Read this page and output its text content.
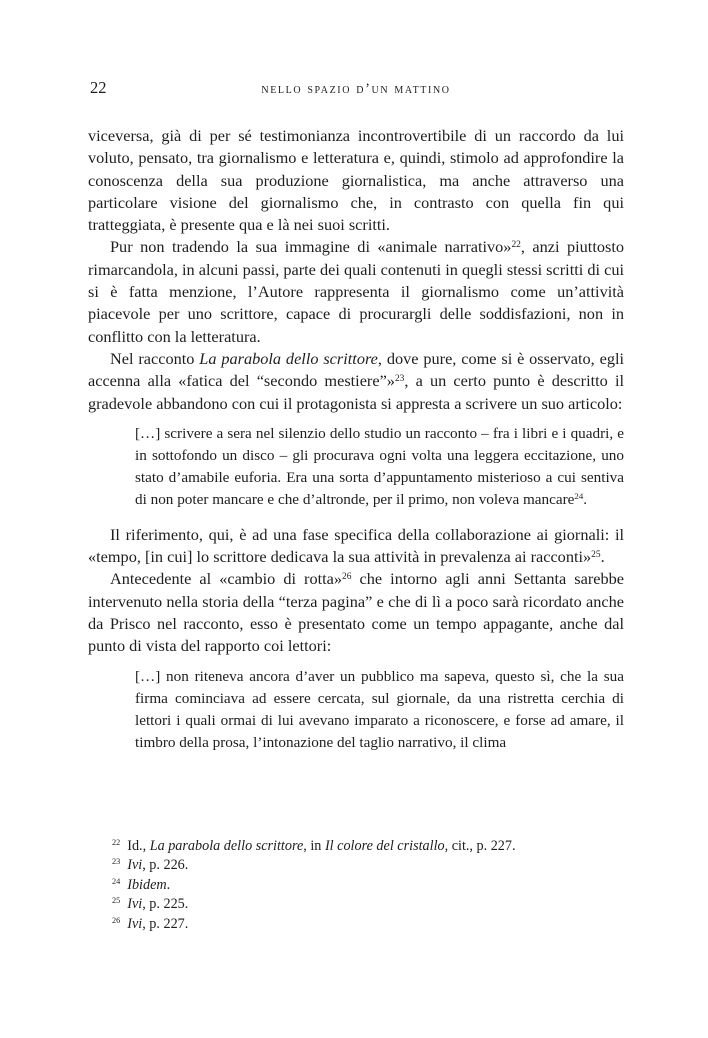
22	nello spazio d’un mattino

viceversa, già di per sé testimonianza incontrovertibile di un raccordo da lui voluto, pensato, tra giornalismo e letteratura e, quindi, stimolo ad approfondire la conoscenza della sua produzione giornalistica, ma anche attraverso una particolare visione del giornalismo che, in contrasto con quella fin qui tratteggiata, è presente qua e là nei suoi scritti.

Pur non tradendo la sua immagine di «animale narrativo»$^{22}$, anzi piuttosto rimarcandola, in alcuni passi, parte dei quali contenuti in quegli stessi scritti di cui si è fatta menzione, l’Autore rappresenta il giornalismo come un’attività piacevole per uno scrittore, capace di procurargli delle soddisfazioni, non in conflitto con la letteratura.

Nel racconto La parabola dello scrittore, dove pure, come si è osservato, egli accenna alla «fatica del “secondo mestiere”»$^{23}$, a un certo punto è descritto il gradevole abbandono con cui il protagonista si appresta a scrivere un suo articolo:

[…] scrivere a sera nel silenzio dello studio un racconto – fra i libri e i quadri, e in sottofondo un disco – gli procurava ogni volta una leggera eccitazione, uno stato d’amabile euforia. Era una sorta d’appuntamento misterioso a cui sentiva di non poter mancare e che d’altronde, per il primo, non voleva mancare$^{24}$.

Il riferimento, qui, è ad una fase specifica della collaborazione ai giornali: il «tempo, [in cui] lo scrittore dedicava la sua attività in prevalenza ai racconti»$^{25}$.

Antecedente al «cambio di rotta»$^{26}$ che intorno agli anni Settanta sarebbe intervenuto nella storia della “terza pagina” e che di lì a poco sarà ricordato anche da Prisco nel racconto, esso è presentato come un tempo appagante, anche dal punto di vista del rapporto coi lettori:

[…] non riteneva ancora d’aver un pubblico ma sapeva, questo sì, che la sua firma cominciava ad essere cercata, sul giornale, da una ristretta cerchia di lettori i quali ormai di lui avevano imparato a riconoscere, e forse ad amare, il timbro della prosa, l’intonazione del taglio narrativo, il clima

$^{22}$ Id., La parabola dello scrittore, in Il colore del cristallo, cit., p. 227.

$^{23}$ Ivi, p. 226.

$^{24}$ Ibidem.

$^{25}$ Ivi, p. 225.

$^{26}$ Ivi, p. 227.
